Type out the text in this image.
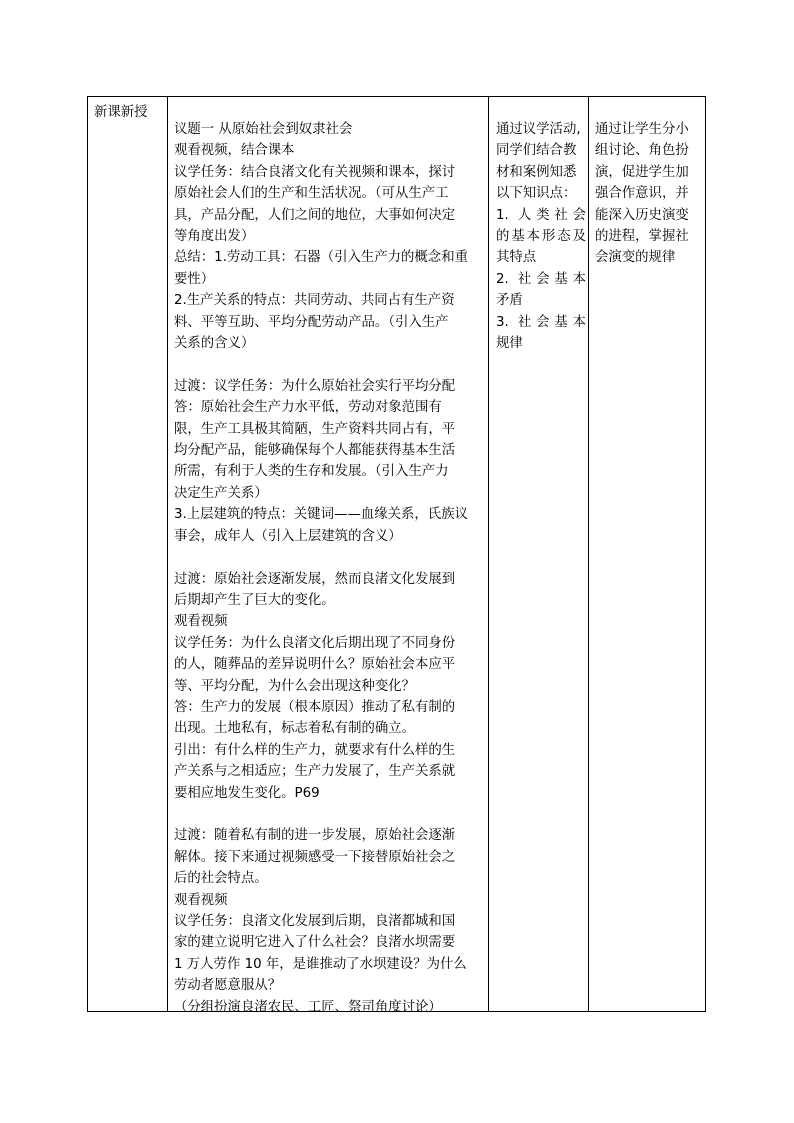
新课新授
议题一 从原始社会到奴隶社会
观看视频，结合课本
议学任务：结合良渚文化有关视频和课本，探讨
原始社会人们的生产和生活状况。（可从生产工
具，产品分配，人们之间的地位，大事如何决定
等角度出发）
总结：1.劳动工具：石器（引入生产力的概念和重
要性）
2.生产关系的特点：共同劳动、共同占有生产资
料、平等互助、平均分配劳动产品。（引入生产
关系的含义）
过渡：议学任务：为什么原始社会实行平均分配
答：原始社会生产力水平低，劳动对象范围有
限，生产工具极其简陋，生产资料共同占有，平
均分配产品，能够确保每个人都能获得基本生活
所需，有利于人类的生存和发展。（引入生产力
决定生产关系）
3.上层建筑的特点：关键词——血缘关系，氏族议
事会，成年人（引入上层建筑的含义）
过渡：原始社会逐渐发展，然而良渚文化发展到
后期却产生了巨大的变化。
观看视频
议学任务：为什么良渚文化后期出现了不同身份
的人，随葬品的差异说明什么？原始社会本应平
等、平均分配，为什么会出现这种变化？
答：生产力的发展（根本原因）推动了私有制的
出现。土地私有，标志着私有制的确立。
引出：有什么样的生产力，就要求有什么样的生
产关系与之相适应；生产力发展了，生产关系就
要相应地发生变化。P69
过渡：随着私有制的进一步发展，原始社会逐渐
解体。接下来通过视频感受一下接替原始社会之
后的社会特点。
观看视频
议学任务：良渚文化发展到后期，良渚都城和国
家的建立说明它进入了什么社会？良渚水坝需要
1 万人劳作 10 年，是谁推动了水坝建设？为什么
劳动者愿意服从？
（分组扮演良渚农民、工匠、祭司角度讨论）
通过议学活动,
同学们结合教
材和案例知悉
以下知识点：
1. 人类社会
的基本形态及
其特点
2. 社会基本
矛盾
3. 社会基本
规律
通过让学生分小
组讨论、角色扮
演，促进学生加
强合作意识，并
能深入历史演变
的进程，掌握社
会演变的规律
